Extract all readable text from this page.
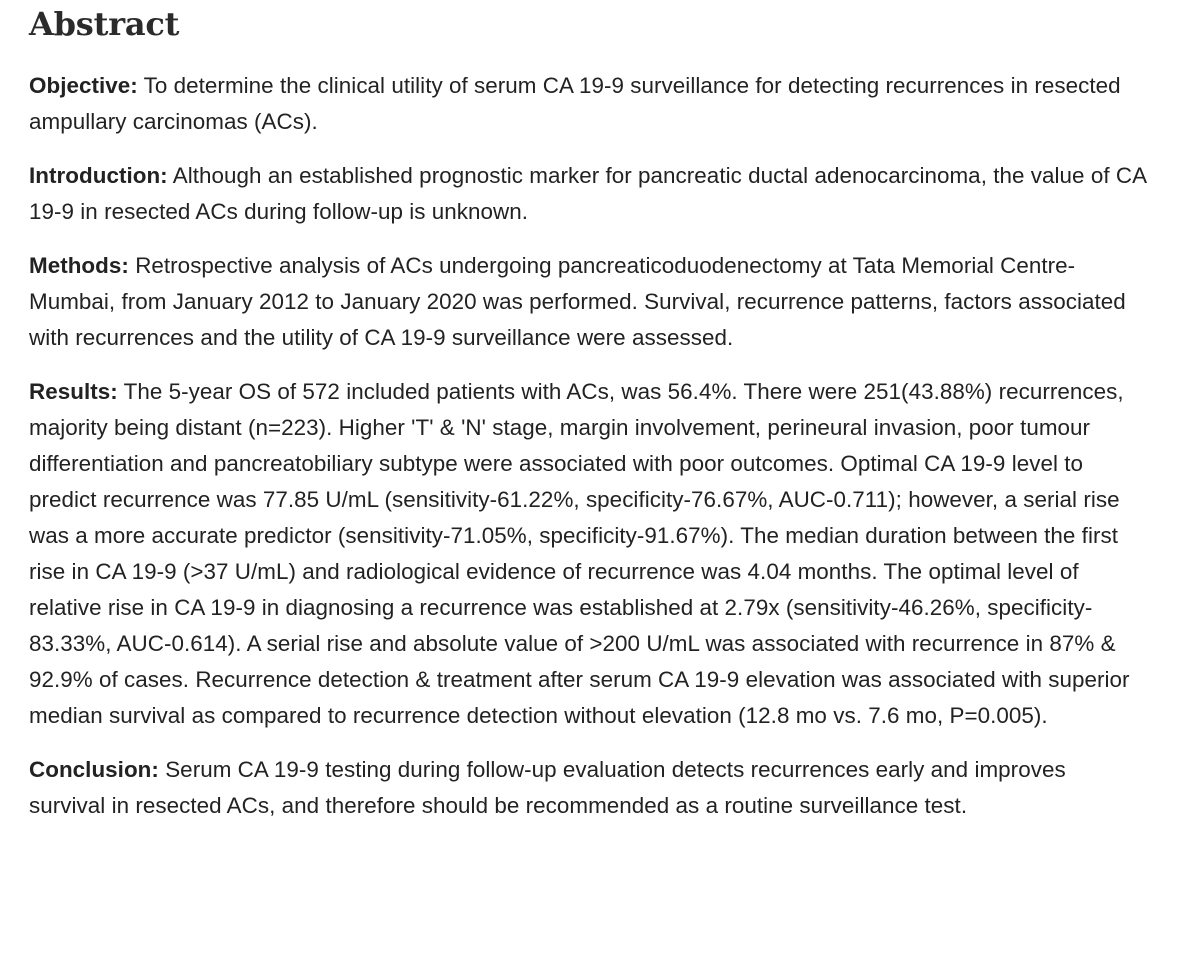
Abstract

Objective: To determine the clinical utility of serum CA 19-9 surveillance for detecting recurrences in resected ampullary carcinomas (ACs).

Introduction: Although an established prognostic marker for pancreatic ductal adenocarcinoma, the value of CA 19-9 in resected ACs during follow-up is unknown.

Methods: Retrospective analysis of ACs undergoing pancreaticoduodenectomy at Tata Memorial Centre-Mumbai, from January 2012 to January 2020 was performed. Survival, recurrence patterns, factors associated with recurrences and the utility of CA 19-9 surveillance were assessed.

Results: The 5-year OS of 572 included patients with ACs, was 56.4%. There were 251(43.88%) recurrences, majority being distant (n=223). Higher 'T' & 'N' stage, margin involvement, perineural invasion, poor tumour differentiation and pancreatobiliary subtype were associated with poor outcomes. Optimal CA 19-9 level to predict recurrence was 77.85 U/mL (sensitivity-61.22%, specificity-76.67%, AUC-0.711); however, a serial rise was a more accurate predictor (sensitivity-71.05%, specificity-91.67%). The median duration between the first rise in CA 19-9 (>37 U/mL) and radiological evidence of recurrence was 4.04 months. The optimal level of relative rise in CA 19-9 in diagnosing a recurrence was established at 2.79x (sensitivity-46.26%, specificity-83.33%, AUC-0.614). A serial rise and absolute value of >200 U/mL was associated with recurrence in 87% & 92.9% of cases. Recurrence detection & treatment after serum CA 19-9 elevation was associated with superior median survival as compared to recurrence detection without elevation (12.8 mo vs. 7.6 mo, P=0.005).

Conclusion: Serum CA 19-9 testing during follow-up evaluation detects recurrences early and improves survival in resected ACs, and therefore should be recommended as a routine surveillance test.
